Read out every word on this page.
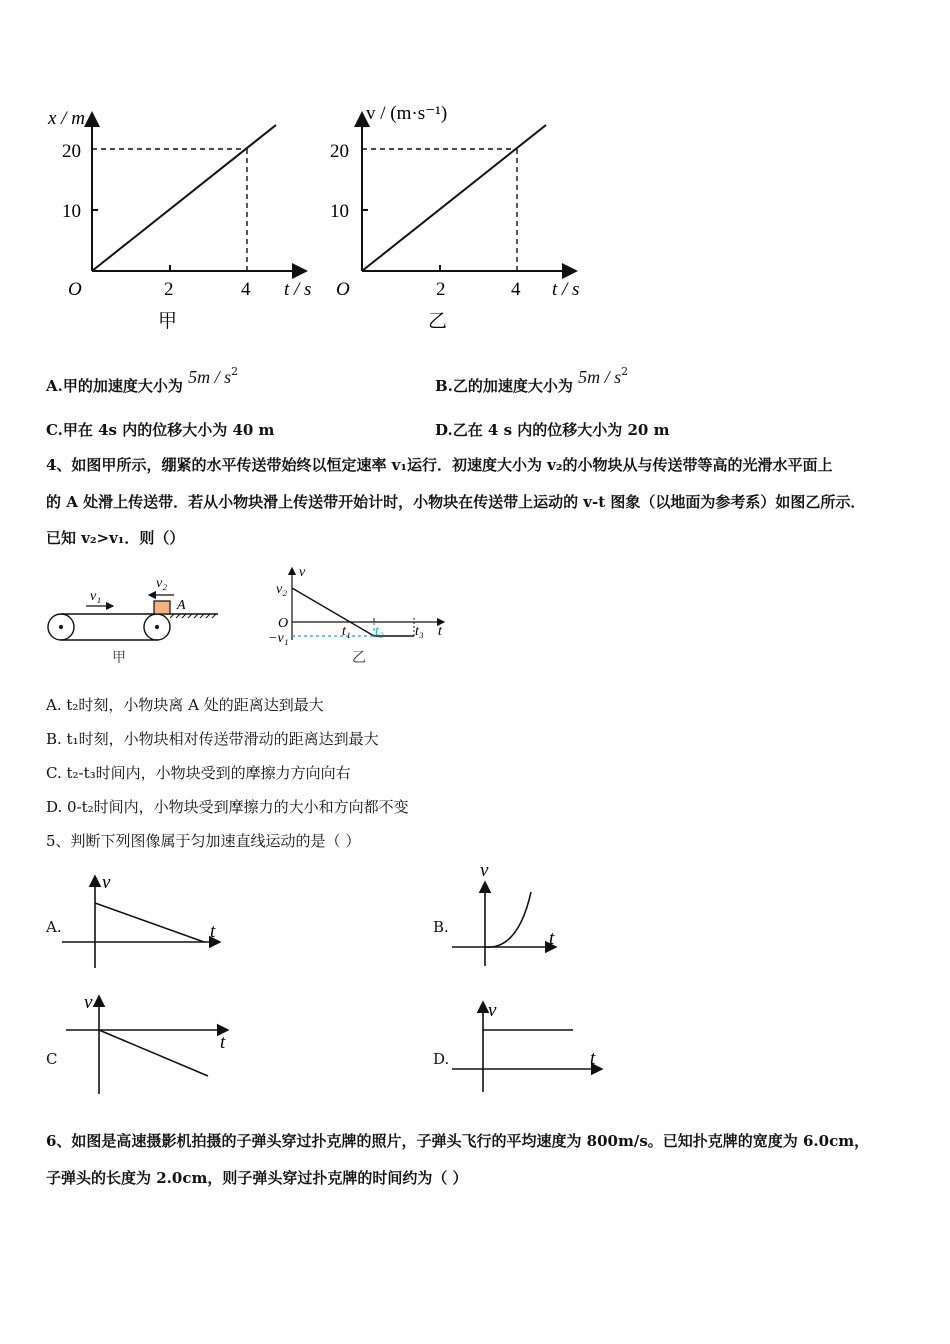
x / m
20
10
O	2	4 t / s
甲
v / (m·s⁻¹)
20
10
O	2	4 t / s
乙
A.甲的加速度大小为 $5m / s^2$
B.乙的加速度大小为 $5m / s^2$
C.甲在 4s 内的位移大小为 40 m	D.乙在 4 s 内的位移大小为 20 m
4、如图甲所示，绷紧的水平传送带始终以恒定速率 v₁运行．初速度大小为 v₂的小物块从与传送带等高的光滑水平面上
的 A 处滑上传送带．若从小物块滑上传送带开始计时，小物块在传送带上运动的 v-t 图象（以地面为参考系）如图乙所示．
已知 v₂>v₁．则（）
v₁
v₂
A
甲
v
v₂
O
−v₁	t₁ t₂ t₃ t
乙
A. t₂时刻，小物块离 A 处的距离达到最大
B. t₁时刻，小物块相对传送带滑动的距离达到最大
C. t₂-t₃时间内，小物块受到的摩擦力方向向右
D. 0-t₂时间内，小物块受到摩擦力的大小和方向都不变
5、判断下列图像属于匀加速直线运动的是（ ）
A.
v
t	B.
v
t
C
v
t
D.
v
t
6、如图是高速摄影机拍摄的子弹头穿过扑克牌的照片，子弹头飞行的平均速度为 800m/s。已知扑克牌的宽度为 6.0cm，
子弹头的长度为 2.0cm，则子弹头穿过扑克牌的时间约为（ ）
